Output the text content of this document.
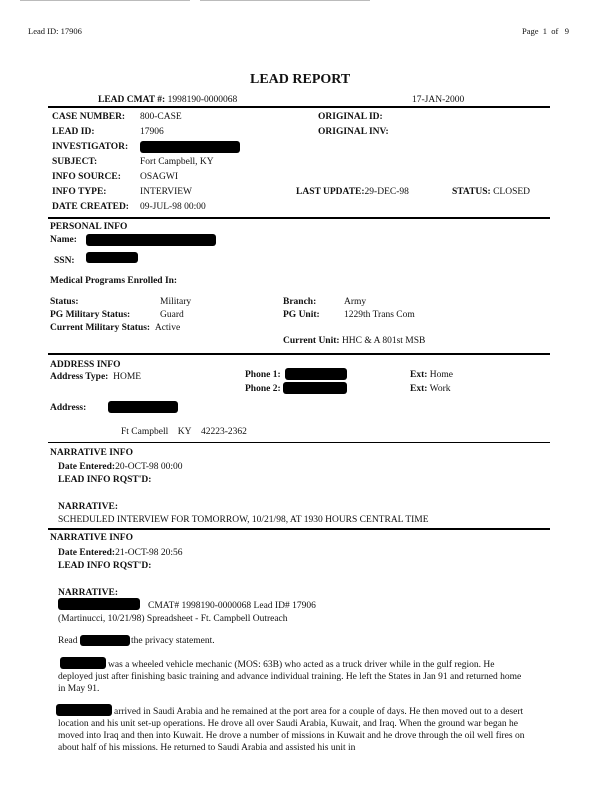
Lead ID: 17906	Page 1 of 9
LEAD REPORT
LEAD CMAT #: 1998190-0000068	17-JAN-2000
CASE NUMBER: 800-CASE
LEAD ID:	17906
INVESTIGATOR:
SUBJECT:	Fort Campbell, KY
INFO SOURCE: OSAGWI
INFO TYPE:	INTERVIEW
DATE CREATED: 09-JUL-98 00:00
ORIGINAL ID:
ORIGINAL INV:
LAST UPDATE:29-DEC-98	STATUS: CLOSED
PERSONAL INFO
Name:
SSN:
Medical Programs Enrolled In:
Status:	Military
PG Military Status:	Guard
Current Military Status: Active
Branch:	Army
PG Unit:	1229th Trans Com
Current Unit: HHC & A 801st MSB
ADDRESS INFO
Address Type: HOME	Phone 1:
Phone 2:
Ext: Home
Ext: Work
Address:
Ft Campbell KY 42223-2362
NARRATIVE INFO
Date Entered:20-OCT-98 00:00
LEAD INFO RQST'D:
NARRATIVE:
SCHEDULED INTERVIEW FOR TOMORROW, 10/21/98, AT 1930 HOURS CENTRAL TIME
NARRATIVE INFO
Date Entered:21-OCT-98 20:56
LEAD INFO RQST'D:
NARRATIVE:
CMAT# 1998190-0000068 Lead ID# 17906
(Martinucci, 10/21/98) Spreadsheet - Ft. Campbell Outreach
Read	the privacy statement.
was a wheeled vehicle mechanic (MOS: 63B) who acted as a truck driver while in the gulf region. He deployed just after finishing basic training and advance individual training. He left the States in Jan 91 and returned home in May 91.
arrived in Saudi Arabia and he remained at the port area for a couple of days. He then moved out to a desert location and his unit set-up operations. He drove all over Saudi Arabia, Kuwait, and Iraq. When the ground war began he moved into Iraq and then into Kuwait. He drove a number of missions in Kuwait and he drove through the oil well fires on about half of his missions. He returned to Saudi Arabia and assisted his unit in
